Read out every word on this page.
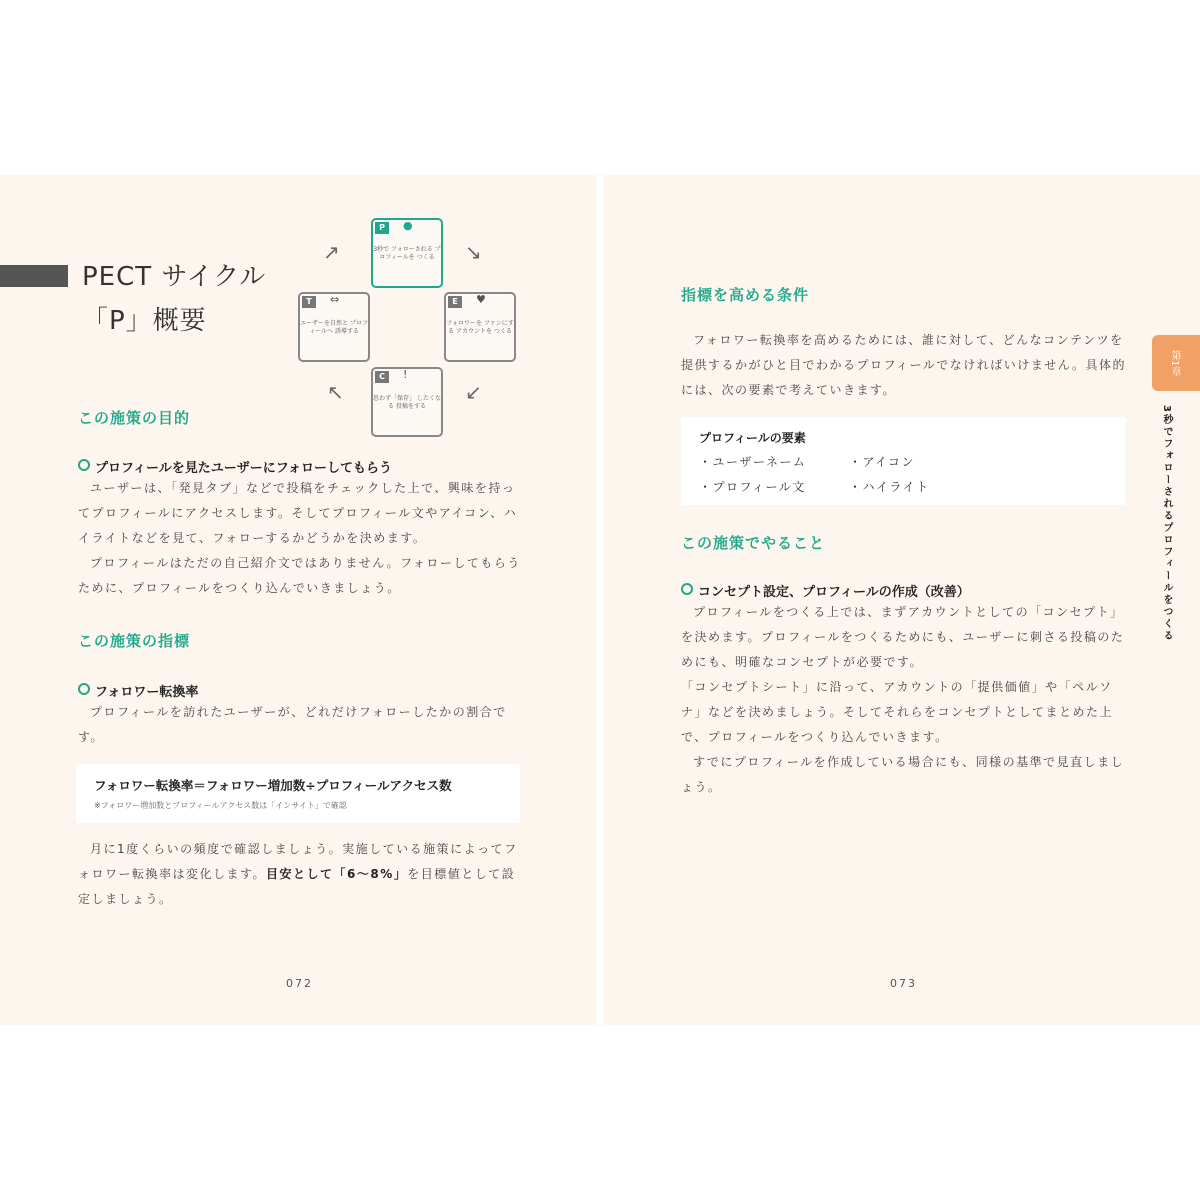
PECT サイクル
「P」概要
P	●
3秒で フォローされる プロフィールを つくる
E	♥
フォロワーを ファンにする アカウントを つくる
C	!
思わず「保存」 したくなる 投稿をする
T	⇔
ユーザーを自然と プロフィールへ 誘導する
↗	↘
↙
↖
この施策の目的
プロフィールを見たユーザーにフォローしてもらう

ユーザーは、「発見タブ」などで投稿をチェックした上で、興味を持ってプロフィールにアクセスします。そしてプロフィール文やアイコン、ハイライトなどを見て、フォローするかどうかを決めます。

プロフィールはただの自己紹介文ではありません。フォローしてもらうために、プロフィールをつくり込んでいきましょう。

この施策の指標
フォロワー転換率

プロフィールを訪れたユーザーが、どれだけフォローしたかの割合です。

フォロワー転換率＝フォロワー増加数÷プロフィールアクセス数
※フォロワー増加数とプロフィールアクセス数は「インサイト」で確認

月に1度くらいの頻度で確認しましょう。実施している施策によってフォロワー転換率は変化します。目安として「6〜8%」を目標値として設定しましょう。

072
指標を高める条件

フォロワー転換率を高めるためには、誰に対して、どんなコンテンツを提供するかがひと目でわかるプロフィールでなければいけません。具体的には、次の要素で考えていきます。

プロフィールの要素
・ユーザーネーム	・アイコン
・プロフィール文	・ハイライト
この施策でやること
コンセプト設定、プロフィールの作成（改善）

プロフィールをつくる上では、まずアカウントとしての「コンセプト」を決めます。プロフィールをつくるためにも、ユーザーに刺さる投稿のためにも、明確なコンセプトが必要です。

「コンセプトシート」に沿って、アカウントの「提供価値」や「ペルソナ」などを決めましょう。そしてそれらをコンセプトとしてまとめた上で、プロフィールをつくり込んでいきます。

すでにプロフィールを作成している場合にも、同様の基準で見直しましょう。

第1章
3秒でフォローされるプロフィールをつくる
073
